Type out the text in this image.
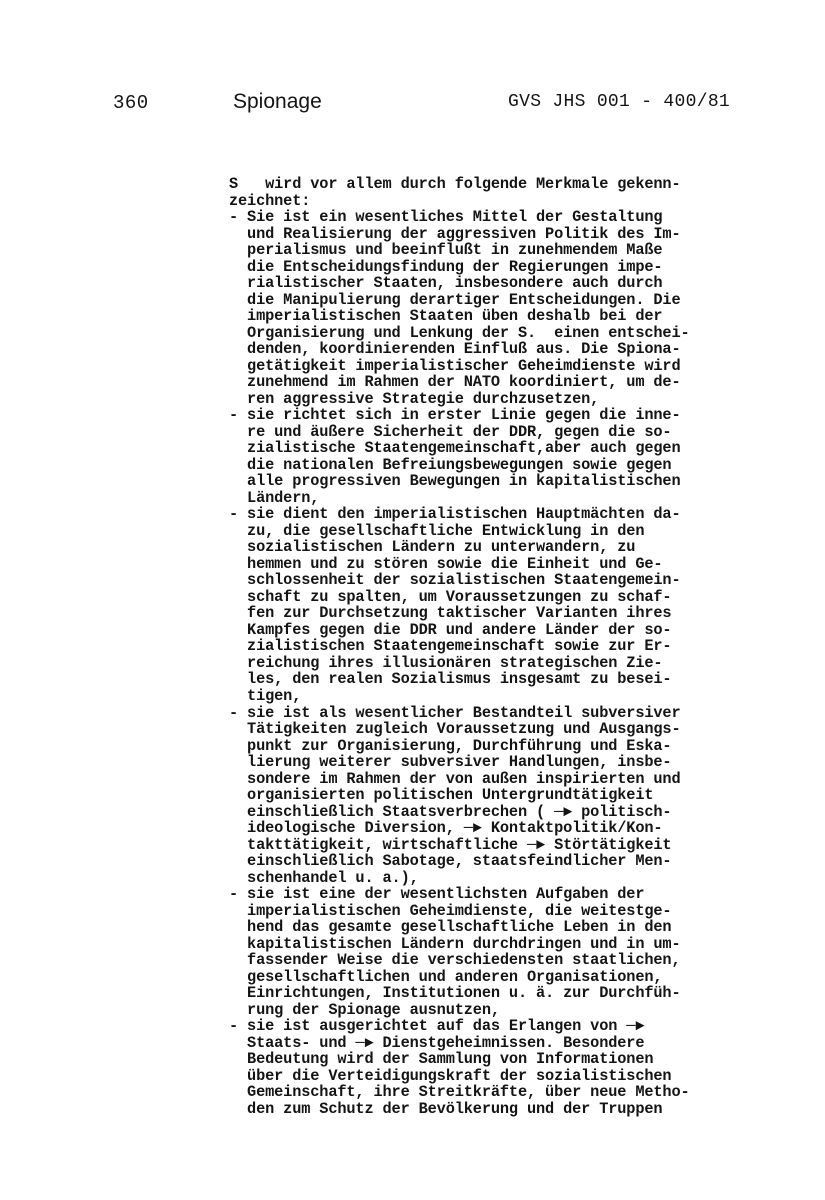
360	Spionage	GVS JHS 001 - 400/81
S   wird vor allem durch folgende Merkmale gekenn-
zeichnet:
- Sie ist ein wesentliches Mittel der Gestaltung
und Realisierung der aggressiven Politik des Im-
perialismus und beeinflußt in zunehmendem Maße
die Entscheidungsfindung der Regierungen impe-
rialistischer Staaten, insbesondere auch durch
die Manipulierung derartiger Entscheidungen. Die
imperialistischen Staaten üben deshalb bei der
Organisierung und Lenkung der S.  einen entschei-
denden, koordinierenden Einfluß aus. Die Spiona-
getätigkeit imperialistischer Geheimdienste wird
zunehmend im Rahmen der NATO koordiniert, um de-
ren aggressive Strategie durchzusetzen,
- sie richtet sich in erster Linie gegen die inne-
re und äußere Sicherheit der DDR, gegen die so-
zialistische Staatengemeinschaft,aber auch gegen
die nationalen Befreiungsbewegungen sowie gegen
alle progressiven Bewegungen in kapitalistischen
Ländern,
- sie dient den imperialistischen Hauptmächten da-
zu, die gesellschaftliche Entwicklung in den
sozialistischen Ländern zu unterwandern, zu
hemmen und zu stören sowie die Einheit und Ge-
schlossenheit der sozialistischen Staatengemein-
schaft zu spalten, um Voraussetzungen zu schaf-
fen zur Durchsetzung taktischer Varianten ihres
Kampfes gegen die DDR und andere Länder der so-
zialistischen Staatengemeinschaft sowie zur Er-
reichung ihres illusionären strategischen Zie-
les, den realen Sozialismus insgesamt zu besei-
tigen,
- sie ist als wesentlicher Bestandteil subversiver
Tätigkeiten zugleich Voraussetzung und Ausgangs-
punkt zur Organisierung, Durchführung und Eska-
lierung weiterer subversiver Handlungen, insbe-
sondere im Rahmen der von außen inspirierten und
organisierten politischen Untergrundtätigkeit
einschließlich Staatsverbrechen ( ─► politisch-
ideologische Diversion, ─► Kontaktpolitik/Kon-
takttätigkeit, wirtschaftliche ─► Störtätigkeit
einschließlich Sabotage, staatsfeindlicher Men-
schenhandel u. a.),
- sie ist eine der wesentlichsten Aufgaben der
imperialistischen Geheimdienste, die weitestge-
hend das gesamte gesellschaftliche Leben in den
kapitalistischen Ländern durchdringen und in um-
fassender Weise die verschiedensten staatlichen,
gesellschaftlichen und anderen Organisationen,
Einrichtungen, Institutionen u. ä. zur Durchfüh-
rung der Spionage ausnutzen,
- sie ist ausgerichtet auf das Erlangen von ─►
Staats- und ─► Dienstgeheimnissen. Besondere
Bedeutung wird der Sammlung von Informationen
über die Verteidigungskraft der sozialistischen
Gemeinschaft, ihre Streitkräfte, über neue Metho-
den zum Schutz der Bevölkerung und der Truppen
